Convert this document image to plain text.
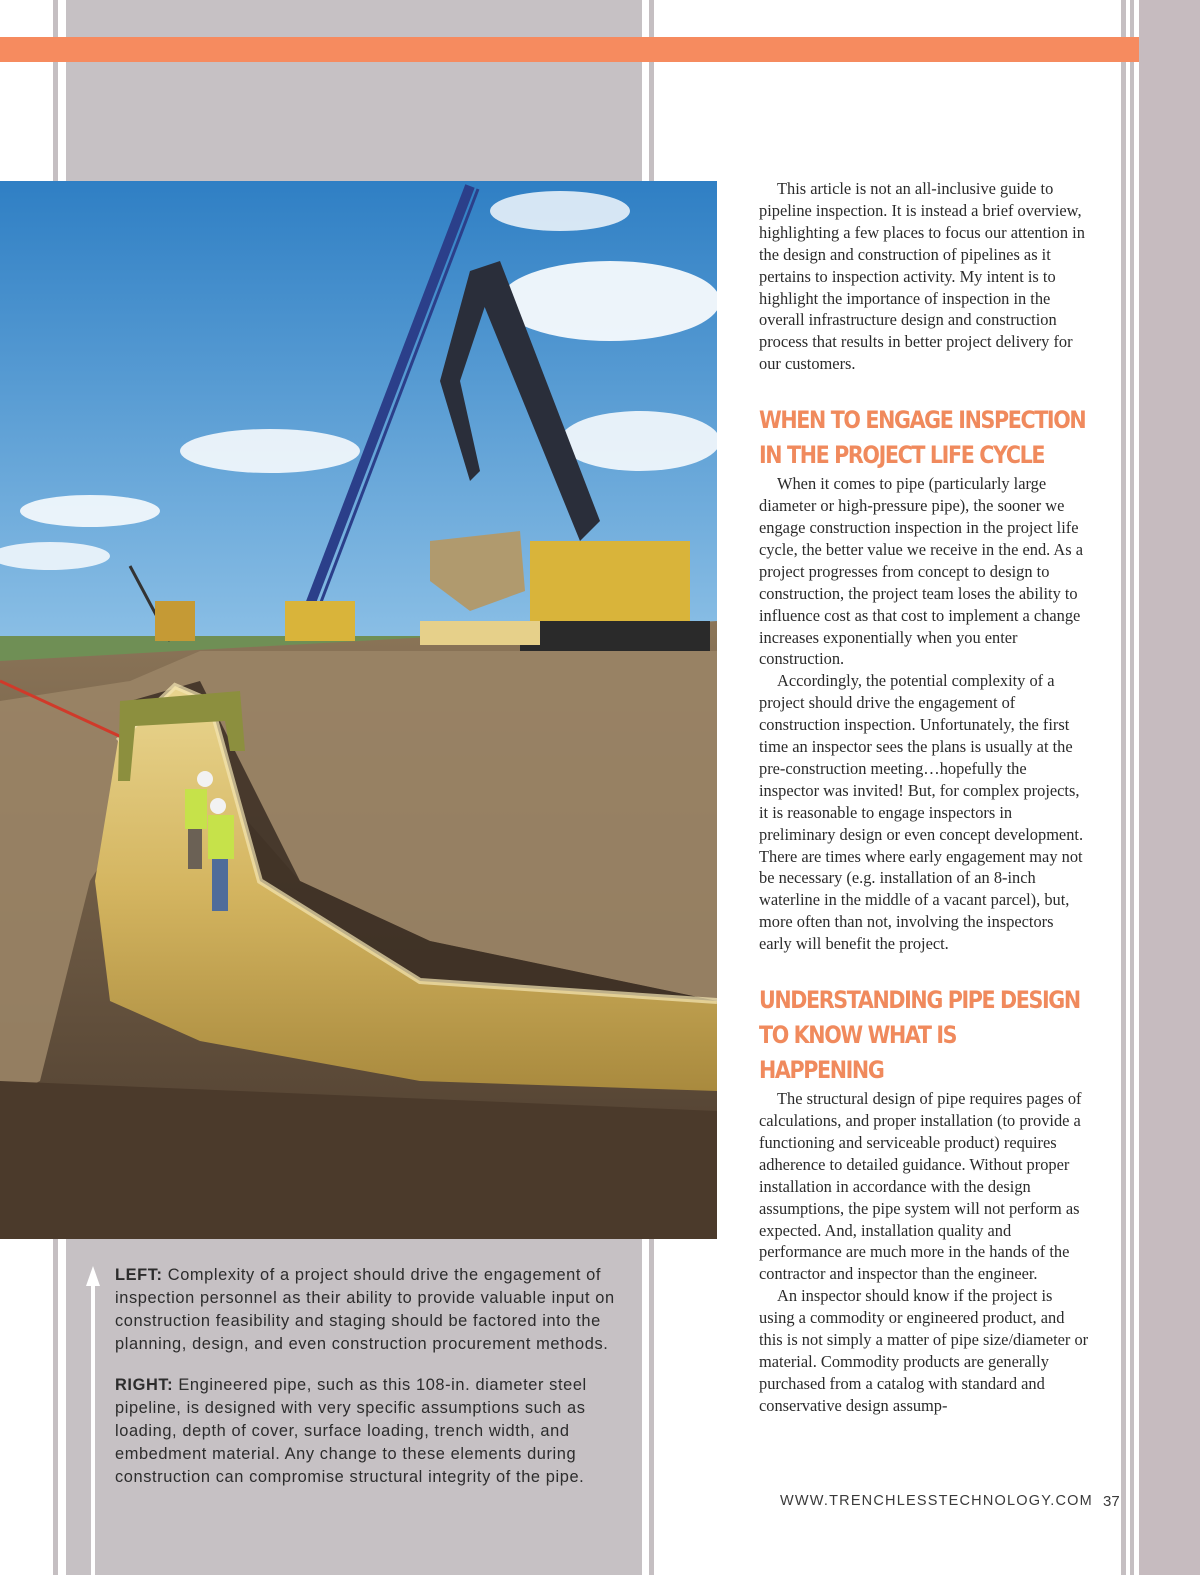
LEFT: Complexity of a project should drive the engagement of inspection personnel as their ability to provide valuable input on construction feasibility and staging should be factored into the planning, design, and even construction procurement methods.

RIGHT: Engineered pipe, such as this 108-in. diameter steel pipeline, is designed with very specific assumptions such as loading, depth of cover, surface loading, trench width, and embedment material. Any change to these elements during construction can compromise structural integrity of the pipe.

This article is not an all-inclusive guide to pipeline inspection. It is instead a brief overview, highlighting a few places to focus our attention in the design and construction of pipelines as it pertains to inspection activity. My intent is to highlight the importance of inspection in the overall infrastructure design and construction process that results in better project delivery for our customers.

WHEN TO ENGAGE INSPECTION IN THE PROJECT LIFE CYCLE

When it comes to pipe (particularly large diameter or high-pressure pipe), the sooner we engage construction inspection in the project life cycle, the better value we receive in the end. As a project progresses from concept to design to construction, the project team loses the ability to influence cost as that cost to implement a change increases exponentially when you enter construction.

Accordingly, the potential complexity of a project should drive the engagement of construction inspection. Unfortunately, the first time an inspector sees the plans is usually at the pre-construction meeting…hopefully the inspector was invited! But, for complex projects, it is reasonable to engage inspectors in preliminary design or even concept development. There are times where early engagement may not be necessary (e.g. installation of an 8-inch waterline in the middle of a vacant parcel), but, more often than not, involving the inspectors early will benefit the project.

UNDERSTANDING PIPE DESIGN TO KNOW WHAT IS HAPPENING

The structural design of pipe requires pages of calculations, and proper installation (to provide a functioning and serviceable product) requires adherence to detailed guidance. Without proper installation in accordance with the design assumptions, the pipe system will not perform as expected. And, installation quality and performance are much more in the hands of the contractor and inspector than the engineer.

An inspector should know if the project is using a commodity or engineered product, and this is not simply a matter of pipe size/diameter or material. Commodity products are generally purchased from a catalog with standard and conservative design assump-

WWW.TRENCHLESSTECHNOLOGY.COM 37
